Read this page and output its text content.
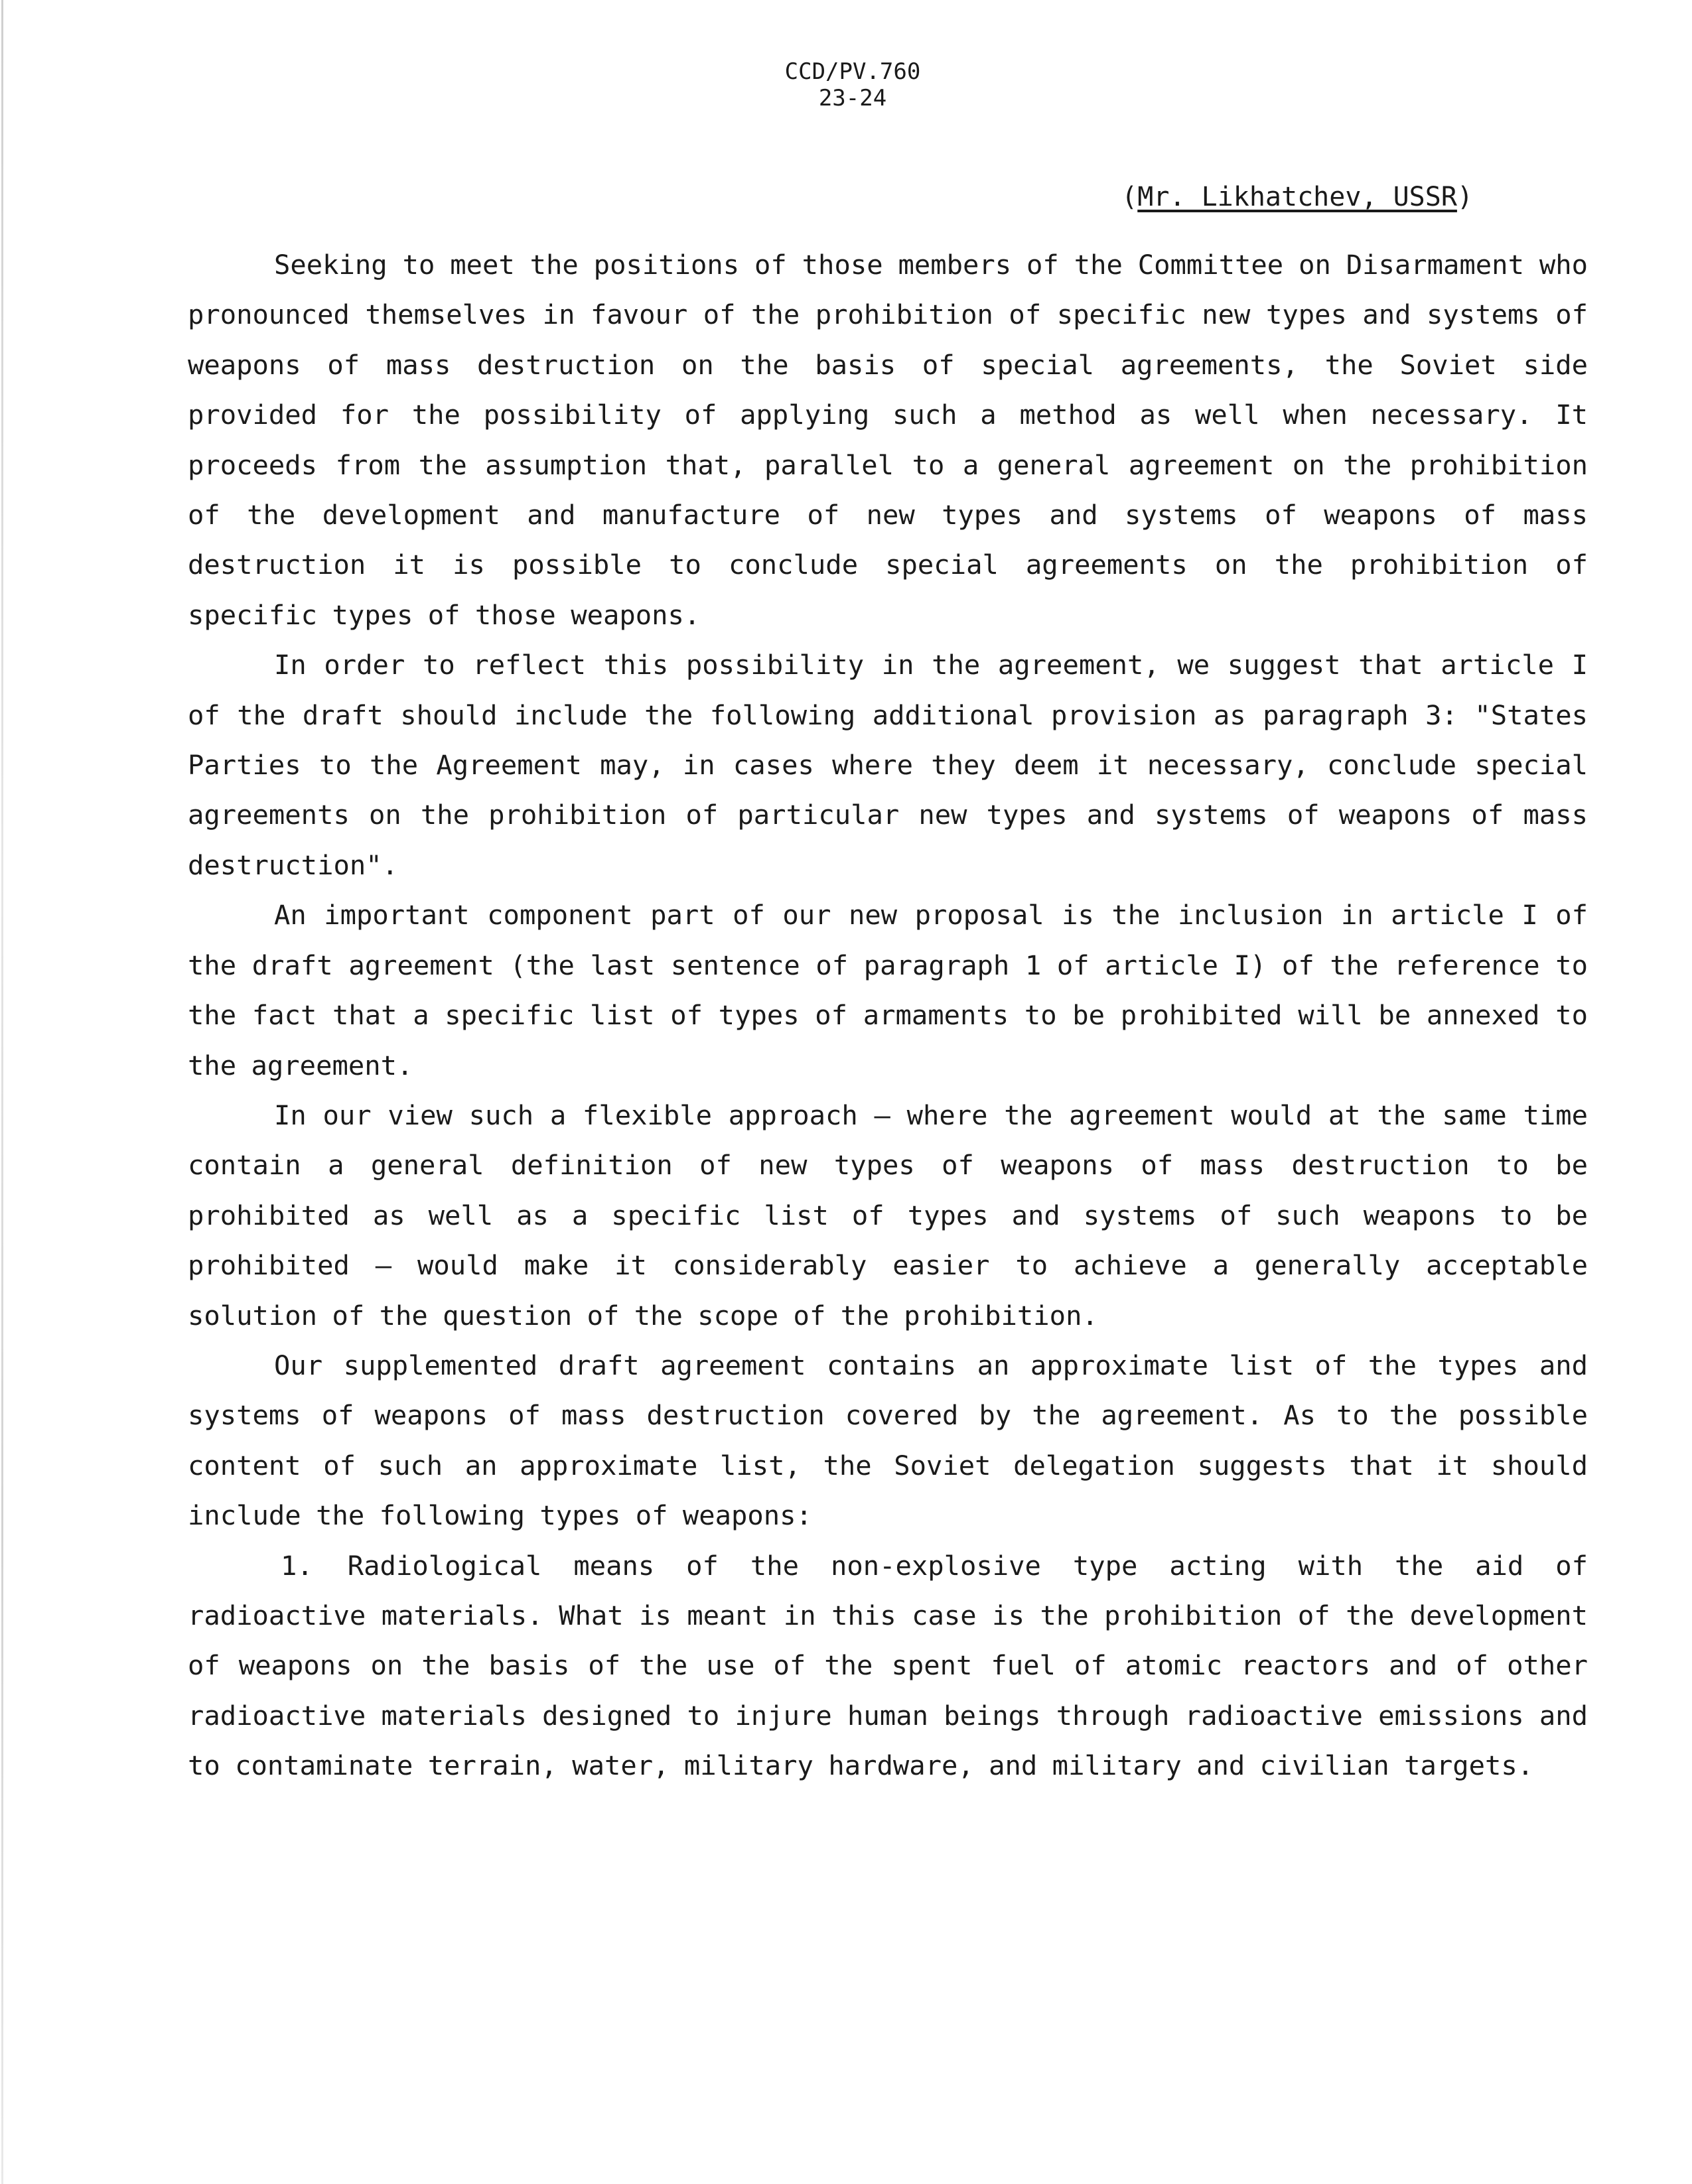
CCD/PV.760
23-24
(Mr. Likhatchev, USSR)

Seeking to meet the positions of those members of the Committee on Disarmament who pronounced themselves in favour of the prohibition of specific new types and systems of weapons of mass destruction on the basis of special agreements, the Soviet side provided for the possibility of applying such a method as well when necessary. It proceeds from the assumption that, parallel to a general agreement on the prohibition of the development and manufacture of new types and systems of weapons of mass destruction it is possible to conclude special agreements on the prohibition of specific types of those weapons.

In order to reflect this possibility in the agreement, we suggest that article I of the draft should include the following additional provision as paragraph 3: "States Parties to the Agreement may, in cases where they deem it necessary, conclude special agreements on the prohibition of particular new types and systems of weapons of mass destruction".

An important component part of our new proposal is the inclusion in article I of the draft agreement (the last sentence of paragraph 1 of article I) of the reference to the fact that a specific list of types of armaments to be prohibited will be annexed to the agreement.

In our view such a flexible approach — where the agreement would at the same time contain a general definition of new types of weapons of mass destruction to be prohibited as well as a specific list of types and systems of such weapons to be prohibited — would make it considerably easier to achieve a generally acceptable solution of the question of the scope of the prohibition.

Our supplemented draft agreement contains an approximate list of the types and systems of weapons of mass destruction covered by the agreement. As to the possible content of such an approximate list, the Soviet delegation suggests that it should include the following types of weapons:

1. Radiological means of the non-explosive type acting with the aid of radioactive materials. What is meant in this case is the prohibition of the development of weapons on the basis of the use of the spent fuel of atomic reactors and of other radioactive materials designed to injure human beings through radioactive emissions and to contaminate terrain, water, military hardware, and military and civilian targets.
